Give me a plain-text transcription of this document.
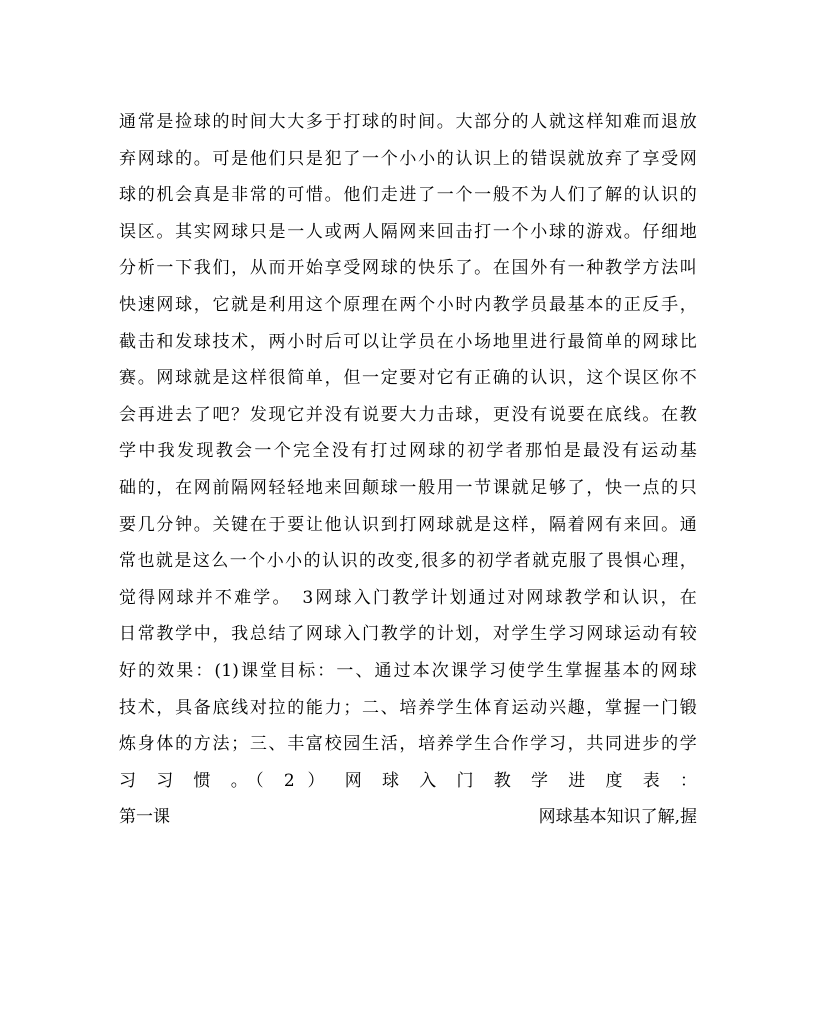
通常是捡球的时间大大多于打球的时间。大部分的人就这样知难而退放
弃网球的。可是他们只是犯了一个小小的认识上的错误就放弃了享受网
球的机会真是非常的可惜。他们走进了一个一般不为人们了解的认识的
误区。其实网球只是一人或两人隔网来回击打一个小球的游戏。仔细地
分析一下我们，从而开始享受网球的快乐了。在国外有一种教学方法叫
快速网球，它就是利用这个原理在两个小时内教学员最基本的正反手，
截击和发球技术，两小时后可以让学员在小场地里进行最简单的网球比
赛。网球就是这样很简单，但一定要对它有正确的认识，这个误区你不
会再进去了吧？发现它并没有说要大力击球，更没有说要在底线。在教
学中我发现教会一个完全没有打过网球的初学者那怕是最没有运动基
础的，在网前隔网轻轻地来回颠球一般用一节课就足够了，快一点的只
要几分钟。关键在于要让他认识到打网球就是这样，隔着网有来回。通
常也就是这么一个小小的认识的改变,很多的初学者就克服了畏惧心理，
觉得网球并不难学。　3网球入门教学计划通过对网球教学和认识，在
日常教学中，我总结了网球入门教学的计划，对学生学习网球运动有较
好的效果：(1)课堂目标：一、通过本次课学习使学生掌握基本的网球
技术，具备底线对拉的能力；二、培养学生体育运动兴趣，掌握一门锻
炼身体的方法；三、丰富校园生活，培养学生合作学习，共同进步的学
习 习 惯 。（ 2 ） 网 球 入 门 教 学 进 度 表 ：
第一课	网球基本知识了解,握
